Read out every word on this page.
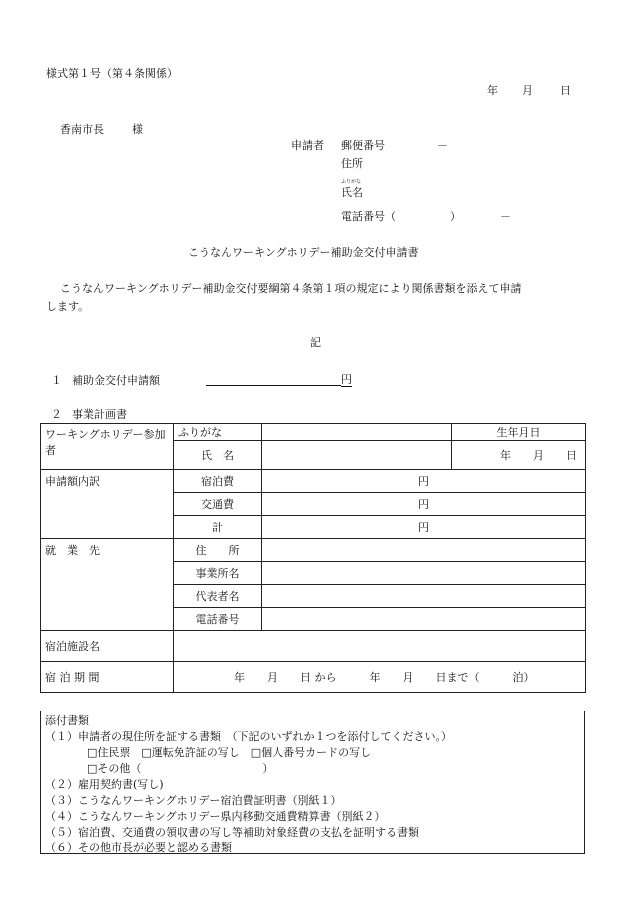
様式第１号（第４条関係）
年 月 日
香南市長	様
申請者 郵便番号	－
住所
ふりがな
氏名
電話番号（	）	－
こうなんワーキングホリデー補助金交付申請書
こうなんワーキングホリデー補助金交付要綱第４条第１項の規定により関係書類を添えて申請
します。
記
１ 補助金交付申請額	円
２ 事業計画書
ワーキングホリデー参加者	ふりがな		生年月日
	氏　名		年 月 日
申請額内訳	宿泊費	円	
	交通費	円	
	計	円	
就　業　先	住　　所		
	事業所名		
	代表者名		
	電話番号		
宿泊施設名			
宿 泊 期 間	年　　月　　日 から　　　年　　月　　日まで（　　　泊）		
添付書類
（１）申請者の現住所を証する書類　（下記のいずれか１つを添付してください。）
□住民票　□運転免許証の写し　□個人番号カードの写し
□その他（　　　　　　　　　　　）
（２）雇用契約書(写し)
（３）こうなんワーキングホリデー宿泊費証明書（別紙１）
（４）こうなんワーキングホリデー県内移動交通費精算書（別紙２）
（５）宿泊費、交通費の領収書の写し等補助対象経費の支払を証明する書類
（６）その他市長が必要と認める書類
